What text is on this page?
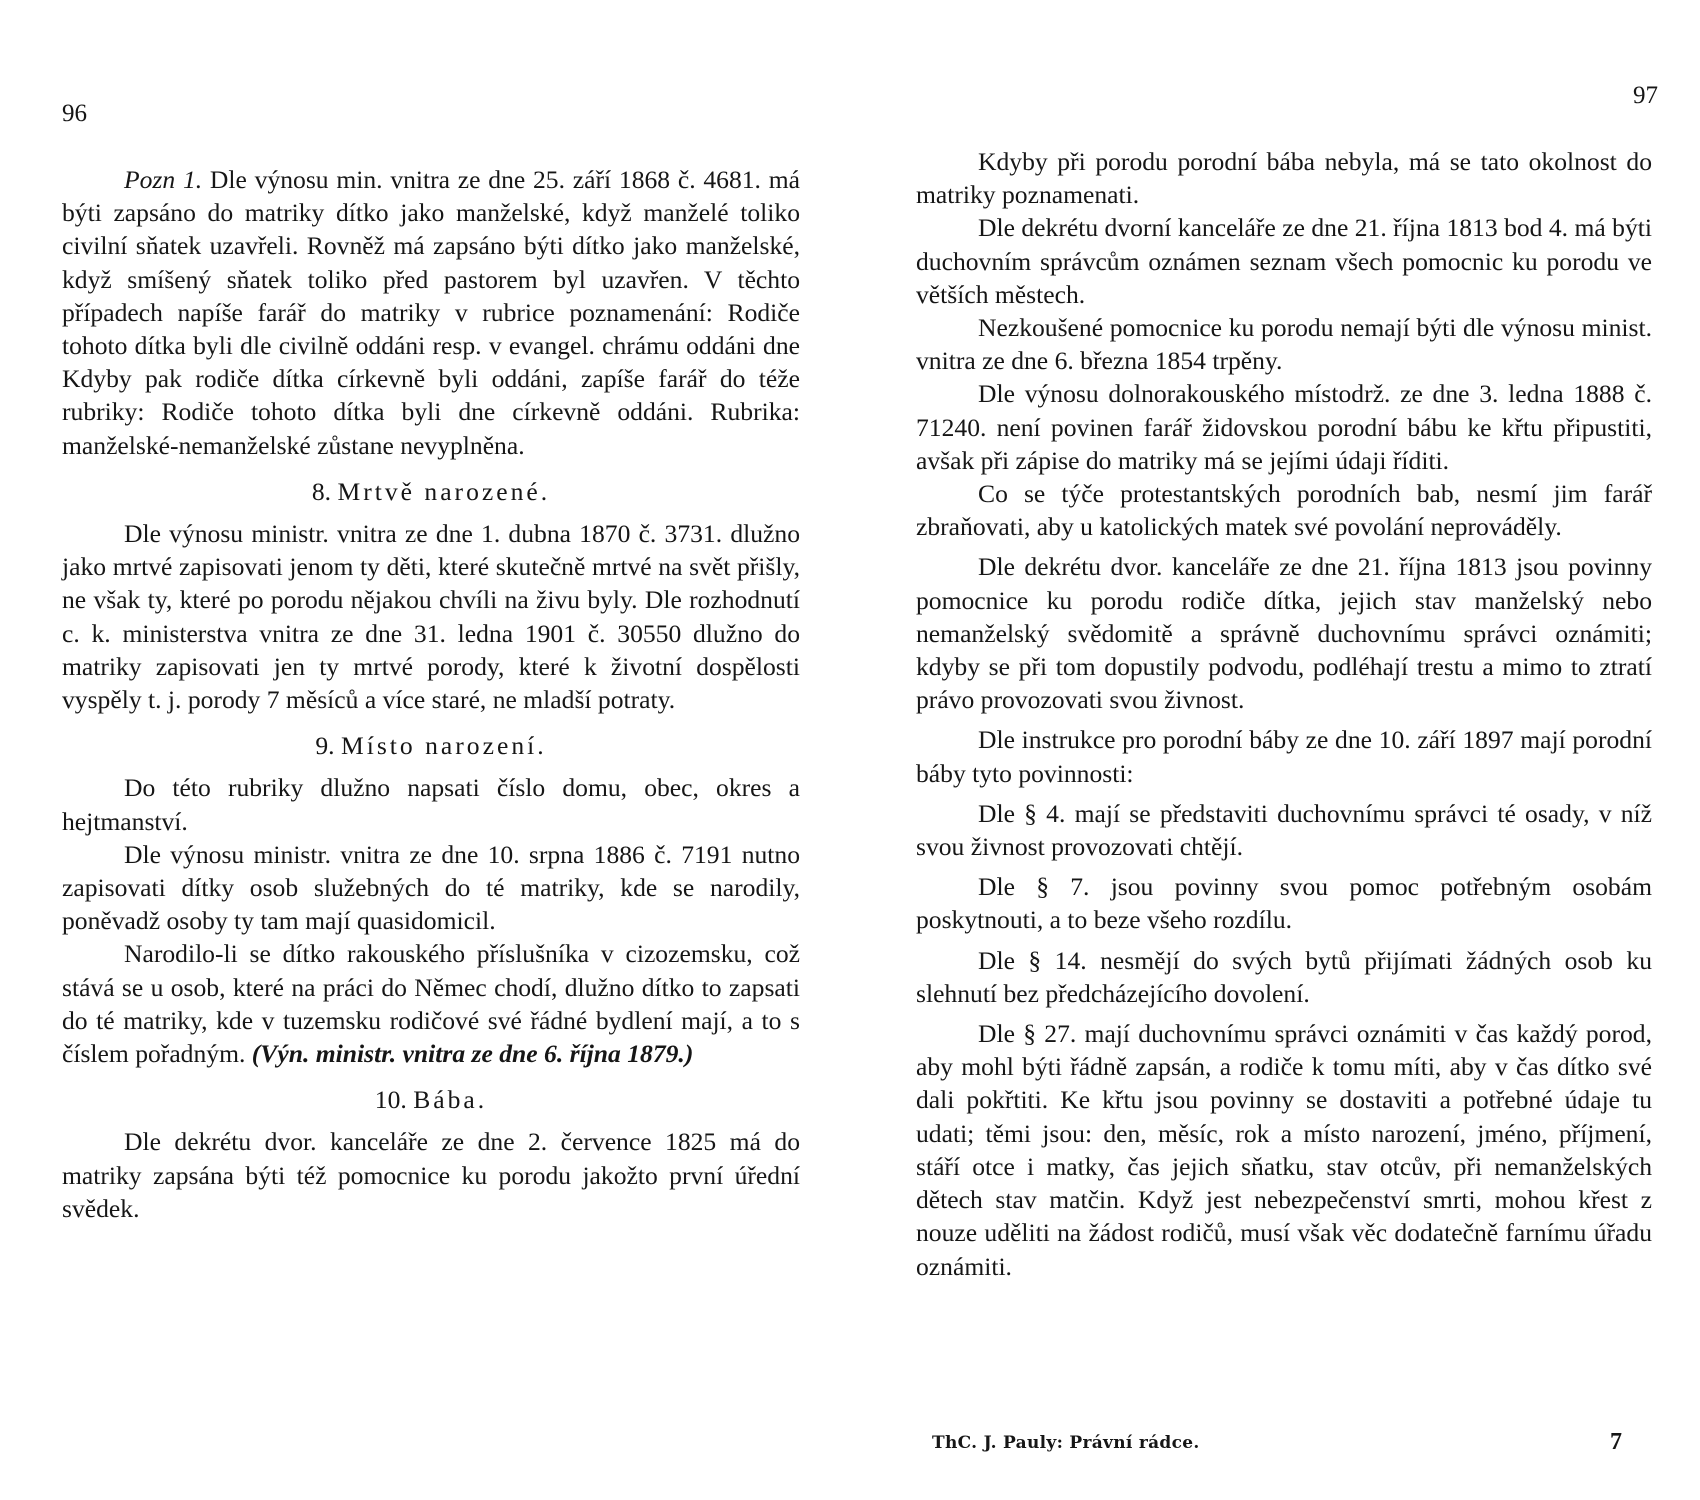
96

Pozn 1. Dle výnosu min. vnitra ze dne 25. září 1868 č. 4681. má býti zapsáno do matriky dítko jako manželské, když manželé toliko civilní sňatek uzavřeli. Rovněž má zapsáno býti dítko jako manželské, když smíšený sňatek toliko před pastorem byl uzavřen. V těchto případech napíše farář do matriky v rubrice poznamenání: Rodiče tohoto dítka byli dle civilně oddáni resp. v evangel. chrámu oddáni dne Kdyby pak rodiče dítka církevně byli oddáni, zapíše farář do téže rubriky: Rodiče tohoto dítka byli dne církevně oddáni. Rubrika: manželské-nemanželské zůstane nevyplněna.

8. Mrtvě narozené.

Dle výnosu ministr. vnitra ze dne 1. dubna 1870 č. 3731. dlužno jako mrtvé zapisovati jenom ty děti, které skutečně mrtvé na svět přišly, ne však ty, které po porodu nějakou chvíli na živu byly. Dle rozhodnutí c. k. ministerstva vnitra ze dne 31. ledna 1901 č. 30550 dlužno do matriky zapisovati jen ty mrtvé porody, které k životní dospělosti vyspěly t. j. porody 7 měsíců a více staré, ne mladší potraty.

9. Místo narození.

Do této rubriky dlužno napsati číslo domu, obec, okres a hejtmanství.

Dle výnosu ministr. vnitra ze dne 10. srpna 1886 č. 7191 nutno zapisovati dítky osob služebných do té matriky, kde se narodily, poněvadž osoby ty tam mají quasidomicil.

Narodilo-li se dítko rakouského příslušníka v cizozemsku, což stává se u osob, které na práci do Němec chodí, dlužno dítko to zapsati do té matriky, kde v tuzemsku rodičové své řádné bydlení mají, a to s číslem pořadným. (Výn. ministr. vnitra ze dne 6. října 1879.)

10. Bába.

Dle dekrétu dvor. kanceláře ze dne 2. července 1825 má do matriky zapsána býti též pomocnice ku porodu jakožto první úřední svědek.

97

Kdyby při porodu porodní bába nebyla, má se tato okolnost do matriky poznamenati.

Dle dekrétu dvorní kanceláře ze dne 21. října 1813 bod 4. má býti duchovním správcům oznámen seznam všech pomocnic ku porodu ve větších městech.

Nezkoušené pomocnice ku porodu nemají býti dle výnosu minist. vnitra ze dne 6. března 1854 trpěny.

Dle výnosu dolnorakouského místodrž. ze dne 3. ledna 1888 č. 71240. není povinen farář židovskou porodní bábu ke křtu připustiti, avšak při zápise do matriky má se jejími údaji říditi.

Co se týče protestantských porodních bab, nesmí jim farář zbraňovati, aby u katolických matek své povolání neprováděly.

Dle dekrétu dvor. kanceláře ze dne 21. října 1813 jsou povinny pomocnice ku porodu rodiče dítka, jejich stav manželský nebo nemanželský svědomitě a správně duchovnímu správci oznámiti; kdyby se při tom dopustily podvodu, podléhají trestu a mimo to ztratí právo provozovati svou živnost.

Dle instrukce pro porodní báby ze dne 10. září 1897 mají porodní báby tyto povinnosti:

Dle § 4. mají se představiti duchovnímu správci té osady, v níž svou živnost provozovati chtějí.

Dle § 7. jsou povinny svou pomoc potřebným osobám poskytnouti, a to beze všeho rozdílu.

Dle § 14. nesmějí do svých bytů přijímati žádných osob ku slehnutí bez předcházejícího dovolení.

Dle § 27. mají duchovnímu správci oznámiti v čas každý porod, aby mohl býti řádně zapsán, a rodiče k tomu míti, aby v čas dítko své dali pokřtiti. Ke křtu jsou povinny se dostaviti a potřebné údaje tu udati; těmi jsou: den, měsíc, rok a místo narození, jméno, příjmení, stáří otce i matky, čas jejich sňatku, stav otcův, při nemanželských dětech stav matčin. Když jest nebezpečenství smrti, mohou křest z nouze uděliti na žádost rodičů, musí však věc dodatečně farnímu úřadu oznámiti.

ThC. J. Pauly: Právní rádce.	7
